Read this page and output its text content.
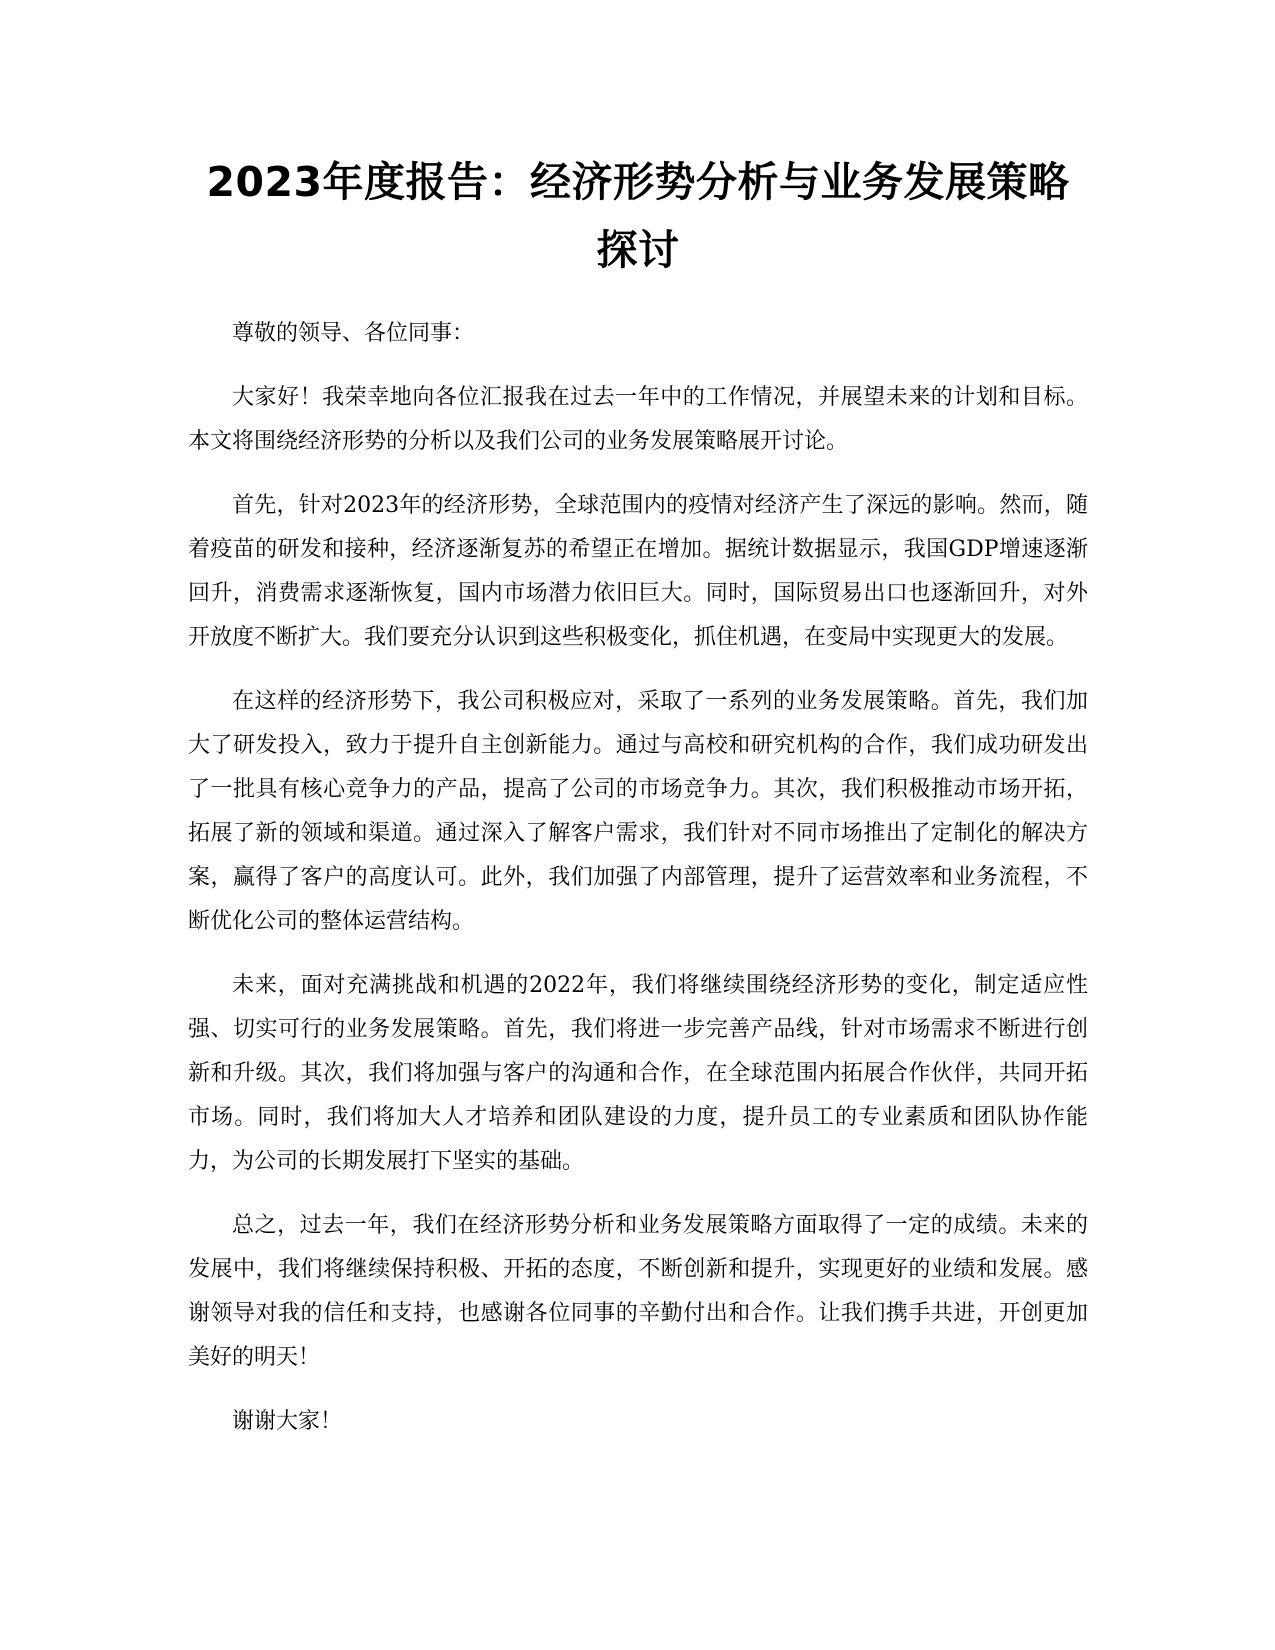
2023年度报告：经济形势分析与业务发展策略探讨

尊敬的领导、各位同事：

大家好！我荣幸地向各位汇报我在过去一年中的工作情况，并展望未来的计划和目标。本文将围绕经济形势的分析以及我们公司的业务发展策略展开讨论。

首先，针对2023年的经济形势，全球范围内的疫情对经济产生了深远的影响。然而，随着疫苗的研发和接种，经济逐渐复苏的希望正在增加。据统计数据显示，我国GDP增速逐渐回升，消费需求逐渐恢复，国内市场潜力依旧巨大。同时，国际贸易出口也逐渐回升，对外开放度不断扩大。我们要充分认识到这些积极变化，抓住机遇，在变局中实现更大的发展。

在这样的经济形势下，我公司积极应对，采取了一系列的业务发展策略。首先，我们加大了研发投入，致力于提升自主创新能力。通过与高校和研究机构的合作，我们成功研发出了一批具有核心竞争力的产品，提高了公司的市场竞争力。其次，我们积极推动市场开拓，拓展了新的领域和渠道。通过深入了解客户需求，我们针对不同市场推出了定制化的解决方案，赢得了客户的高度认可。此外，我们加强了内部管理，提升了运营效率和业务流程，不断优化公司的整体运营结构。

未来，面对充满挑战和机遇的2022年，我们将继续围绕经济形势的变化，制定适应性强、切实可行的业务发展策略。首先，我们将进一步完善产品线，针对市场需求不断进行创新和升级。其次，我们将加强与客户的沟通和合作，在全球范围内拓展合作伙伴，共同开拓市场。同时，我们将加大人才培养和团队建设的力度，提升员工的专业素质和团队协作能力，为公司的长期发展打下坚实的基础。

总之，过去一年，我们在经济形势分析和业务发展策略方面取得了一定的成绩。未来的发展中，我们将继续保持积极、开拓的态度，不断创新和提升，实现更好的业绩和发展。感谢领导对我的信任和支持，也感谢各位同事的辛勤付出和合作。让我们携手共进，开创更加美好的明天！

谢谢大家！
